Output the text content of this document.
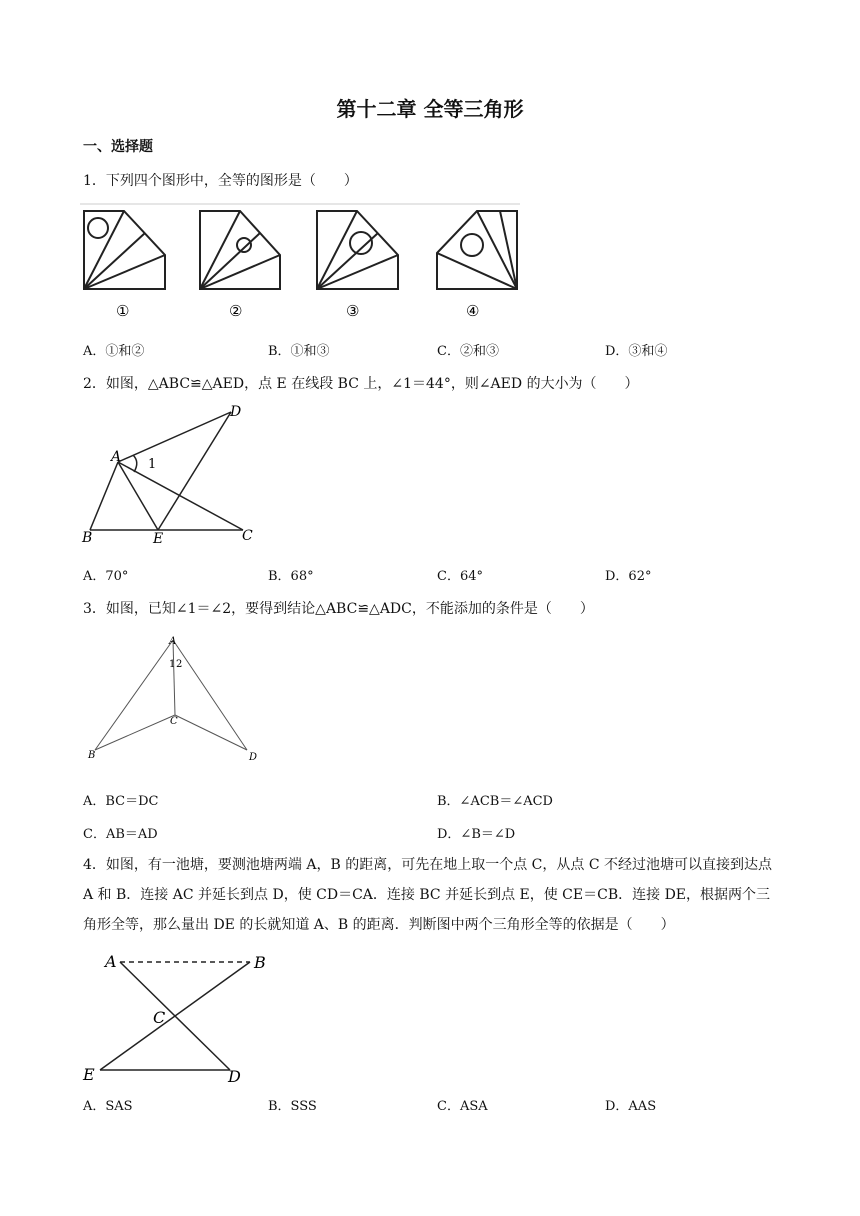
第十二章 全等三角形
一、选择题
1．下列四个图形中，全等的图形是（　　）
①	②	③	④
A．①和②	B．①和③	C．②和③	D．③和④
2．如图，△ABC≌△AED，点 E 在线段 BC 上，∠1＝44°，则∠AED 的大小为（　　）
A
B	C
D
E
1
A．70°	B．68°	C．64°	D．62°
3．如图，已知∠1＝∠2，要得到结论△ABC≌△ADC，不能添加的条件是（　　）
A
B
C
D
1 2
A．BC＝DC	B．∠ACB＝∠ACD
C．AB＝AD	D．∠B＝∠D
4．如图，有一池塘，要测池塘两端 A，B 的距离，可先在地上取一个点 C，从点 C 不经过池塘可以直接到达点 A 和 B．连接 AC 并延长到点 D，使 CD＝CA．连接 BC 并延长到点 E，使 CE＝CB．连接 DE，根据两个三角形全等，那么量出 DE 的长就知道 A、B 的距离．判断图中两个三角形全等的依据是（　　）
A	B
C
D
E
A．SAS	B．SSS	C．ASA	D．AAS
